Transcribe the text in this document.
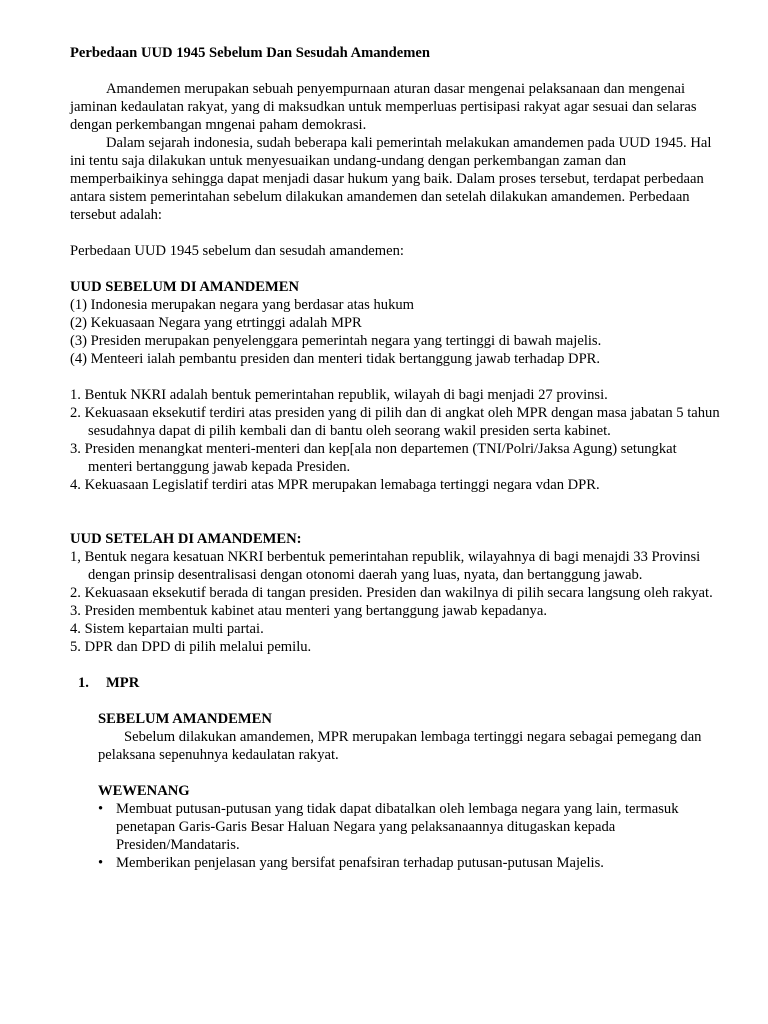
Perbedaan UUD 1945 Sebelum Dan Sesudah Amandemen

Amandemen merupakan sebuah penyempurnaan aturan dasar mengenai pelaksanaan dan mengenai jaminan kedaulatan rakyat, yang di maksudkan untuk memperluas pertisipasi rakyat agar sesuai dan selaras dengan perkembangan mngenai paham demokrasi.

Dalam sejarah indonesia, sudah beberapa kali pemerintah melakukan amandemen pada UUD 1945. Hal ini tentu saja dilakukan untuk menyesuaikan undang-undang dengan perkembangan zaman dan memperbaikinya sehingga dapat menjadi dasar hukum yang baik. Dalam proses tersebut, terdapat perbedaan antara sistem pemerintahan sebelum dilakukan amandemen dan setelah dilakukan amandemen. Perbedaan tersebut adalah:

Perbedaan UUD 1945 sebelum dan sesudah amandemen:

UUD SEBELUM DI AMANDEMEN

(1) Indonesia merupakan negara yang berdasar atas hukum

(2) Kekuasaan Negara yang etrtinggi adalah MPR

(3) Presiden merupakan penyelenggara pemerintah negara yang tertinggi di bawah majelis.

(4) Menteeri ialah pembantu presiden dan menteri tidak bertanggung jawab terhadap DPR.

1. Bentuk NKRI adalah bentuk pemerintahan republik, wilayah di bagi menjadi 27 provinsi.

2. Kekuasaan eksekutif terdiri atas presiden yang di pilih dan di angkat oleh MPR dengan masa jabatan 5 tahun sesudahnya dapat di pilih kembali dan di bantu oleh seorang wakil presiden serta kabinet.

3. Presiden menangkat menteri-menteri dan kep[ala non departemen (TNI/Polri/Jaksa Agung) setungkat menteri bertanggung jawab kepada Presiden.

4. Kekuasaan Legislatif terdiri atas MPR merupakan lemabaga tertinggi negara vdan DPR.

UUD SETELAH DI AMANDEMEN:

1, Bentuk negara kesatuan NKRI berbentuk pemerintahan republik, wilayahnya di bagi menajdi 33 Provinsi dengan prinsip desentralisasi dengan otonomi daerah yang luas, nyata, dan bertanggung jawab.

2. Kekuasaan eksekutif berada di tangan presiden. Presiden dan wakilnya di pilih secara langsung oleh rakyat.

3. Presiden membentuk kabinet atau menteri yang bertanggung jawab kepadanya.

4. Sistem kepartaian multi partai.

5. DPR dan DPD di pilih melalui pemilu.

1.	MPR

SEBELUM AMANDEMEN

Sebelum dilakukan amandemen, MPR merupakan lembaga tertinggi negara sebagai pemegang dan pelaksana sepenuhnya kedaulatan rakyat.

WEWENANG

• Membuat putusan-putusan yang tidak dapat dibatalkan oleh lembaga negara yang lain, termasuk penetapan Garis-Garis Besar Haluan Negara yang pelaksanaannya ditugaskan kepada Presiden/Mandataris.
• Memberikan penjelasan yang bersifat penafsiran terhadap putusan-putusan Majelis.
